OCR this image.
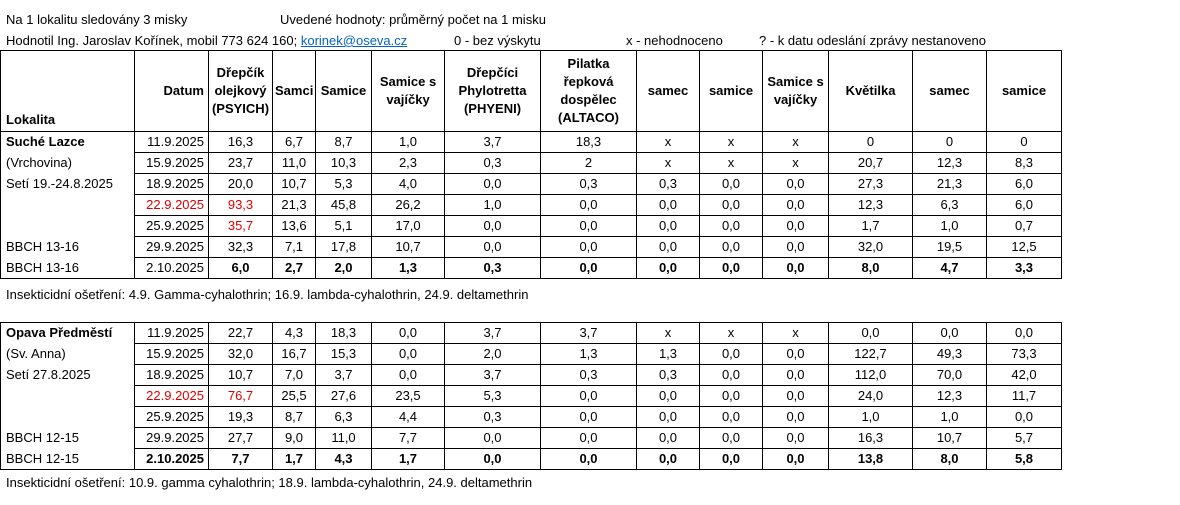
Na 1 lokalitu sledovány 3 misky	Uvedené hodnoty: průměrný počet na 1 misku
Hodnotil Ing. Jaroslav Kořínek, mobil 773 624 160; korinek@oseva.cz	0 - bez výskytu	x - nehodnoceno	? - k datu odeslání zprávy nestanoveno
Lokalita	Datum	Dřepčík olejkový (PSYICH)	Samci	Samice	Samice s vajíčky	Dřepčíci Phylotretta (PHYENI)	Pilatka řepková dospělec (ALTACO)	samec	samice	Samice s vajíčky	Květilka	samec	samice
Suché Lazce	11.9.2025	16,3	6,7	8,7	1,0	3,7	18,3	x	x	x	0	0	0
(Vrchovina)	15.9.2025	23,7	11,0	10,3	2,3	0,3	2	x	x	x	20,7	12,3	8,3
Setí 19.-24.8.2025	18.9.2025	20,0	10,7	5,3	4,0	0,0	0,3	0,3	0,0	0,0	27,3	21,3	6,0
	22.9.2025	93,3	21,3	45,8	26,2	1,0	0,0	0,0	0,0	0,0	12,3	6,3	6,0
	25.9.2025	35,7	13,6	5,1	17,0	0,0	0,0	0,0	0,0	0,0	1,7	1,0	0,7
BBCH 13-16	29.9.2025	32,3	7,1	17,8	10,7	0,0	0,0	0,0	0,0	0,0	32,0	19,5	12,5
BBCH 13-16	2.10.2025	6,0	2,7	2,0	1,3	0,3	0,0	0,0	0,0	0,0	8,0	4,7	3,3
Insekticidní ošetření: 4.9. Gamma-cyhalothrin; 16.9. lambda-cyhalothrin, 24.9. deltamethrin
Opava Předměstí	11.9.2025	22,7	4,3	18,3	0,0	3,7	3,7	x	x	x	0,0	0,0	0,0
(Sv. Anna)	15.9.2025	32,0	16,7	15,3	0,0	2,0	1,3	1,3	0,0	0,0	122,7	49,3	73,3
Setí 27.8.2025	18.9.2025	10,7	7,0	3,7	0,0	3,7	0,3	0,3	0,0	0,0	112,0	70,0	42,0
	22.9.2025	76,7	25,5	27,6	23,5	5,3	0,0	0,0	0,0	0,0	24,0	12,3	11,7
	25.9.2025	19,3	8,7	6,3	4,4	0,3	0,0	0,0	0,0	0,0	1,0	1,0	0,0
BBCH 12-15	29.9.2025	27,7	9,0	11,0	7,7	0,0	0,0	0,0	0,0	0,0	16,3	10,7	5,7
BBCH 12-15	2.10.2025	7,7	1,7	4,3	1,7	0,0	0,0	0,0	0,0	0,0	13,8	8,0	5,8
Insekticidní ošetření: 10.9. gamma cyhalothrin; 18.9. lambda-cyhalothrin, 24.9. deltamethrin
